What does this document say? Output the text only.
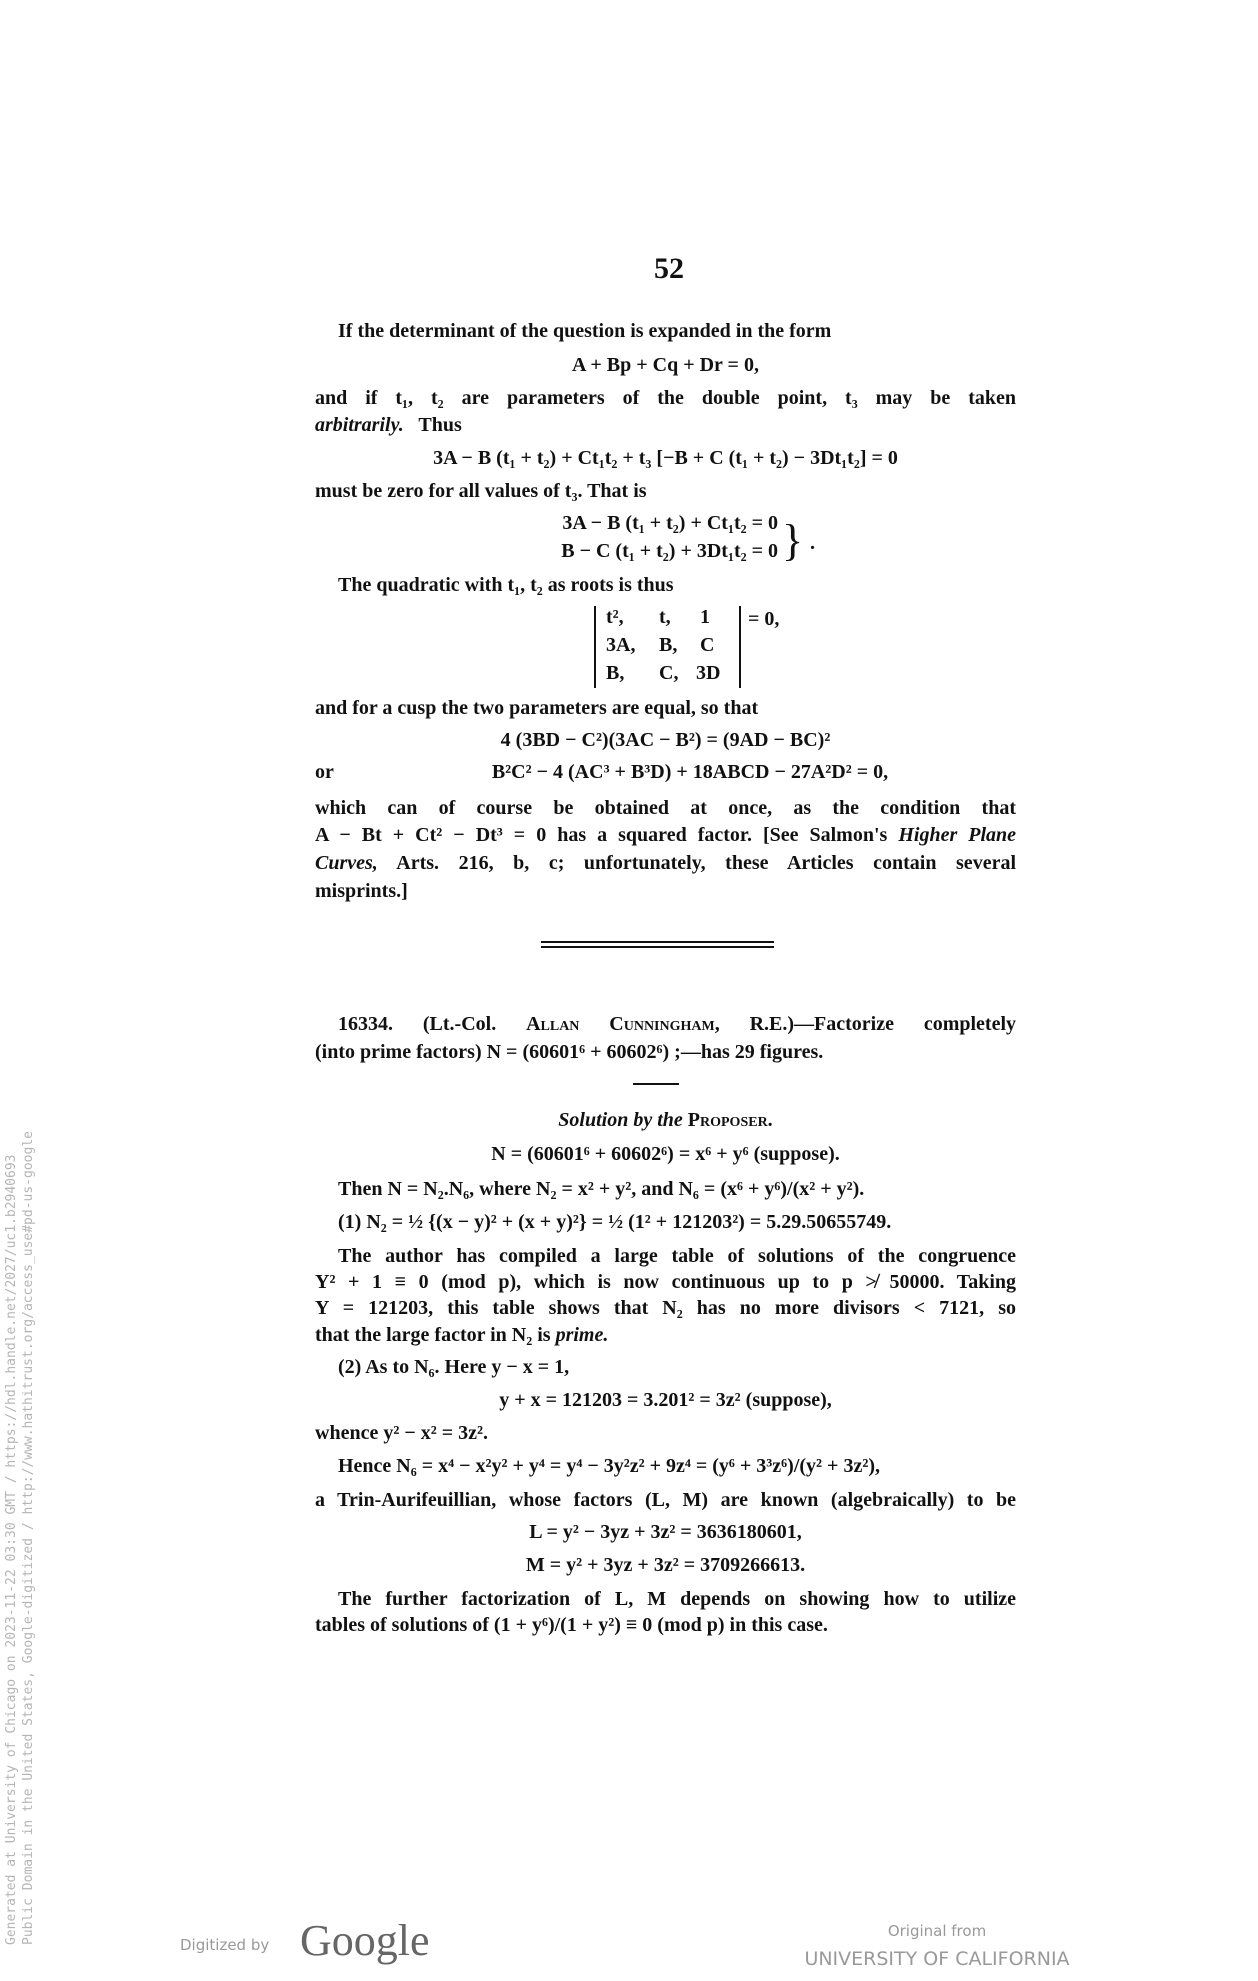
52
If the determinant of the question is expanded in the form
A + Bp + Cq + Dr = 0,
and if t₁, t₂ are parameters of the double point, t₃ may be taken
arbitrarily. Thus
3A − B (t₁ + t₂) + Ct₁t₂ + t₃ [−B + C (t₁ + t₂) − 3Dt₁t₂] = 0
must be zero for all values of t₃. That is
3A − B (t₁ + t₂) + Ct₁t₂ = 0
B − C (t₁ + t₂) + 3Dt₁t₂ = 0 } .
The quadratic with t₁, t₂ as roots is thus
t², t, 1
3A, B, C
B, C, 3D
= 0,
and for a cusp the two parameters are equal, so that
4 (3BD − C²)(3AC − B²) = (9AD − BC)²
or	B²C² − 4 (AC³ + B³D) + 18ABCD − 27A²D² = 0,
which can of course be obtained at once, as the condition that
A − Bt + Ct² − Dt³ = 0 has a squared factor. [See Salmon's Higher Plane
Curves, Arts. 216, b, c; unfortunately, these Articles contain several
misprints.]
16334. (Lt.-Col. Allan Cunningham, R.E.)—Factorize completely
(into prime factors) N = (60601⁶ + 60602⁶) ;—has 29 figures.
Solution by the Proposer.
N = (60601⁶ + 60602⁶) = x⁶ + y⁶ (suppose).
Then N = N₂.N₆, where N₂ = x² + y², and N₆ = (x⁶ + y⁶)/(x² + y²).
(1) N₂ = ½ {(x − y)² + (x + y)²} = ½ (1² + 121203²) = 5.29.50655749.
The author has compiled a large table of solutions of the congruence
Y² + 1 ≡ 0 (mod p), which is now continuous up to p ≯ 50000. Taking
Y = 121203, this table shows that N₂ has no more divisors < 7121, so
that the large factor in N₂ is prime.
(2) As to N₆. Here y − x = 1,
y + x = 121203 = 3.201² = 3z² (suppose),
whence y² − x² = 3z².
Hence N₆ = x⁴ − x²y² + y⁴ = y⁴ − 3y²z² + 9z⁴ = (y⁶ + 3³z⁶)/(y² + 3z²),
a Trin-Aurifeuillian, whose factors (L, M) are known (algebraically) to be
L = y² − 3yz + 3z² = 3636180601,
M = y² + 3yz + 3z² = 3709266613.
The further factorization of L, M depends on showing how to utilize
tables of solutions of (1 + y⁶)/(1 + y²) ≡ 0 (mod p) in this case.
Generated at University of Chicago on 2023-11-22 03:30 GMT / https://hdl.handle.net/2027/uc1.b2940693 Public Domain in the United States, Google-digitized / http://www.hathitrust.org/access_use#pd-us-google	Digitized by Google	Original from
UNIVERSITY OF CALIFORNIA
